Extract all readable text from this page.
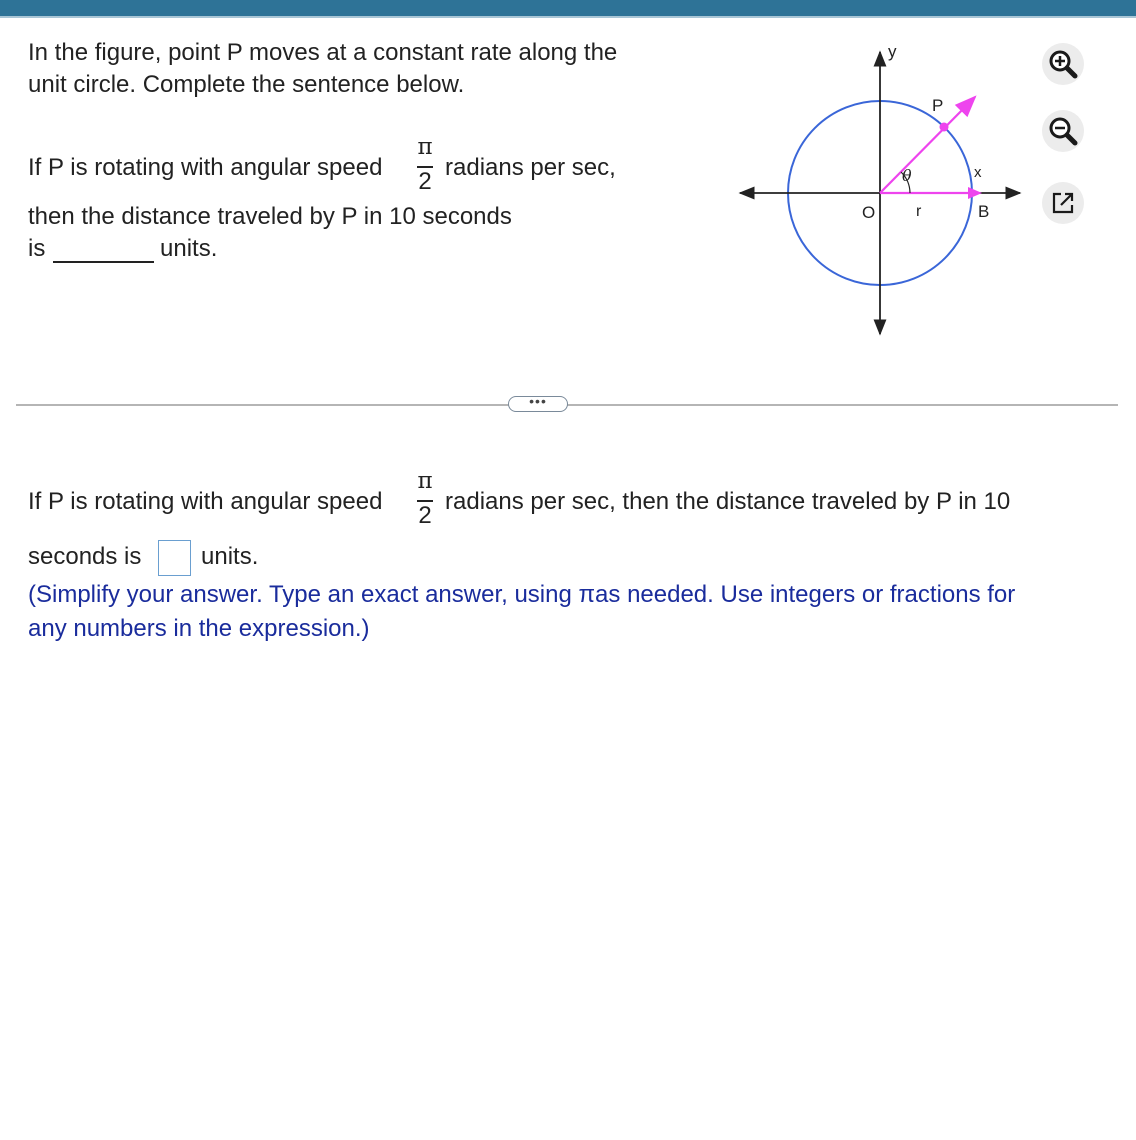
In the figure, point P moves at a constant rate along the
unit circle. Complete the sentence below.
If P is rotating with angular speed
π
2
radians per sec,
then the distance traveled by P in 10 seconds
is	units.
y
P
x
θ
O	r	B
•••
If P is rotating with angular speed
π
2
radians per sec, then the distance traveled by P in 10
seconds is units.
(Simplify your answer. Type an exact answer, using πas needed. Use integers or fractions for
any numbers in the expression.)
